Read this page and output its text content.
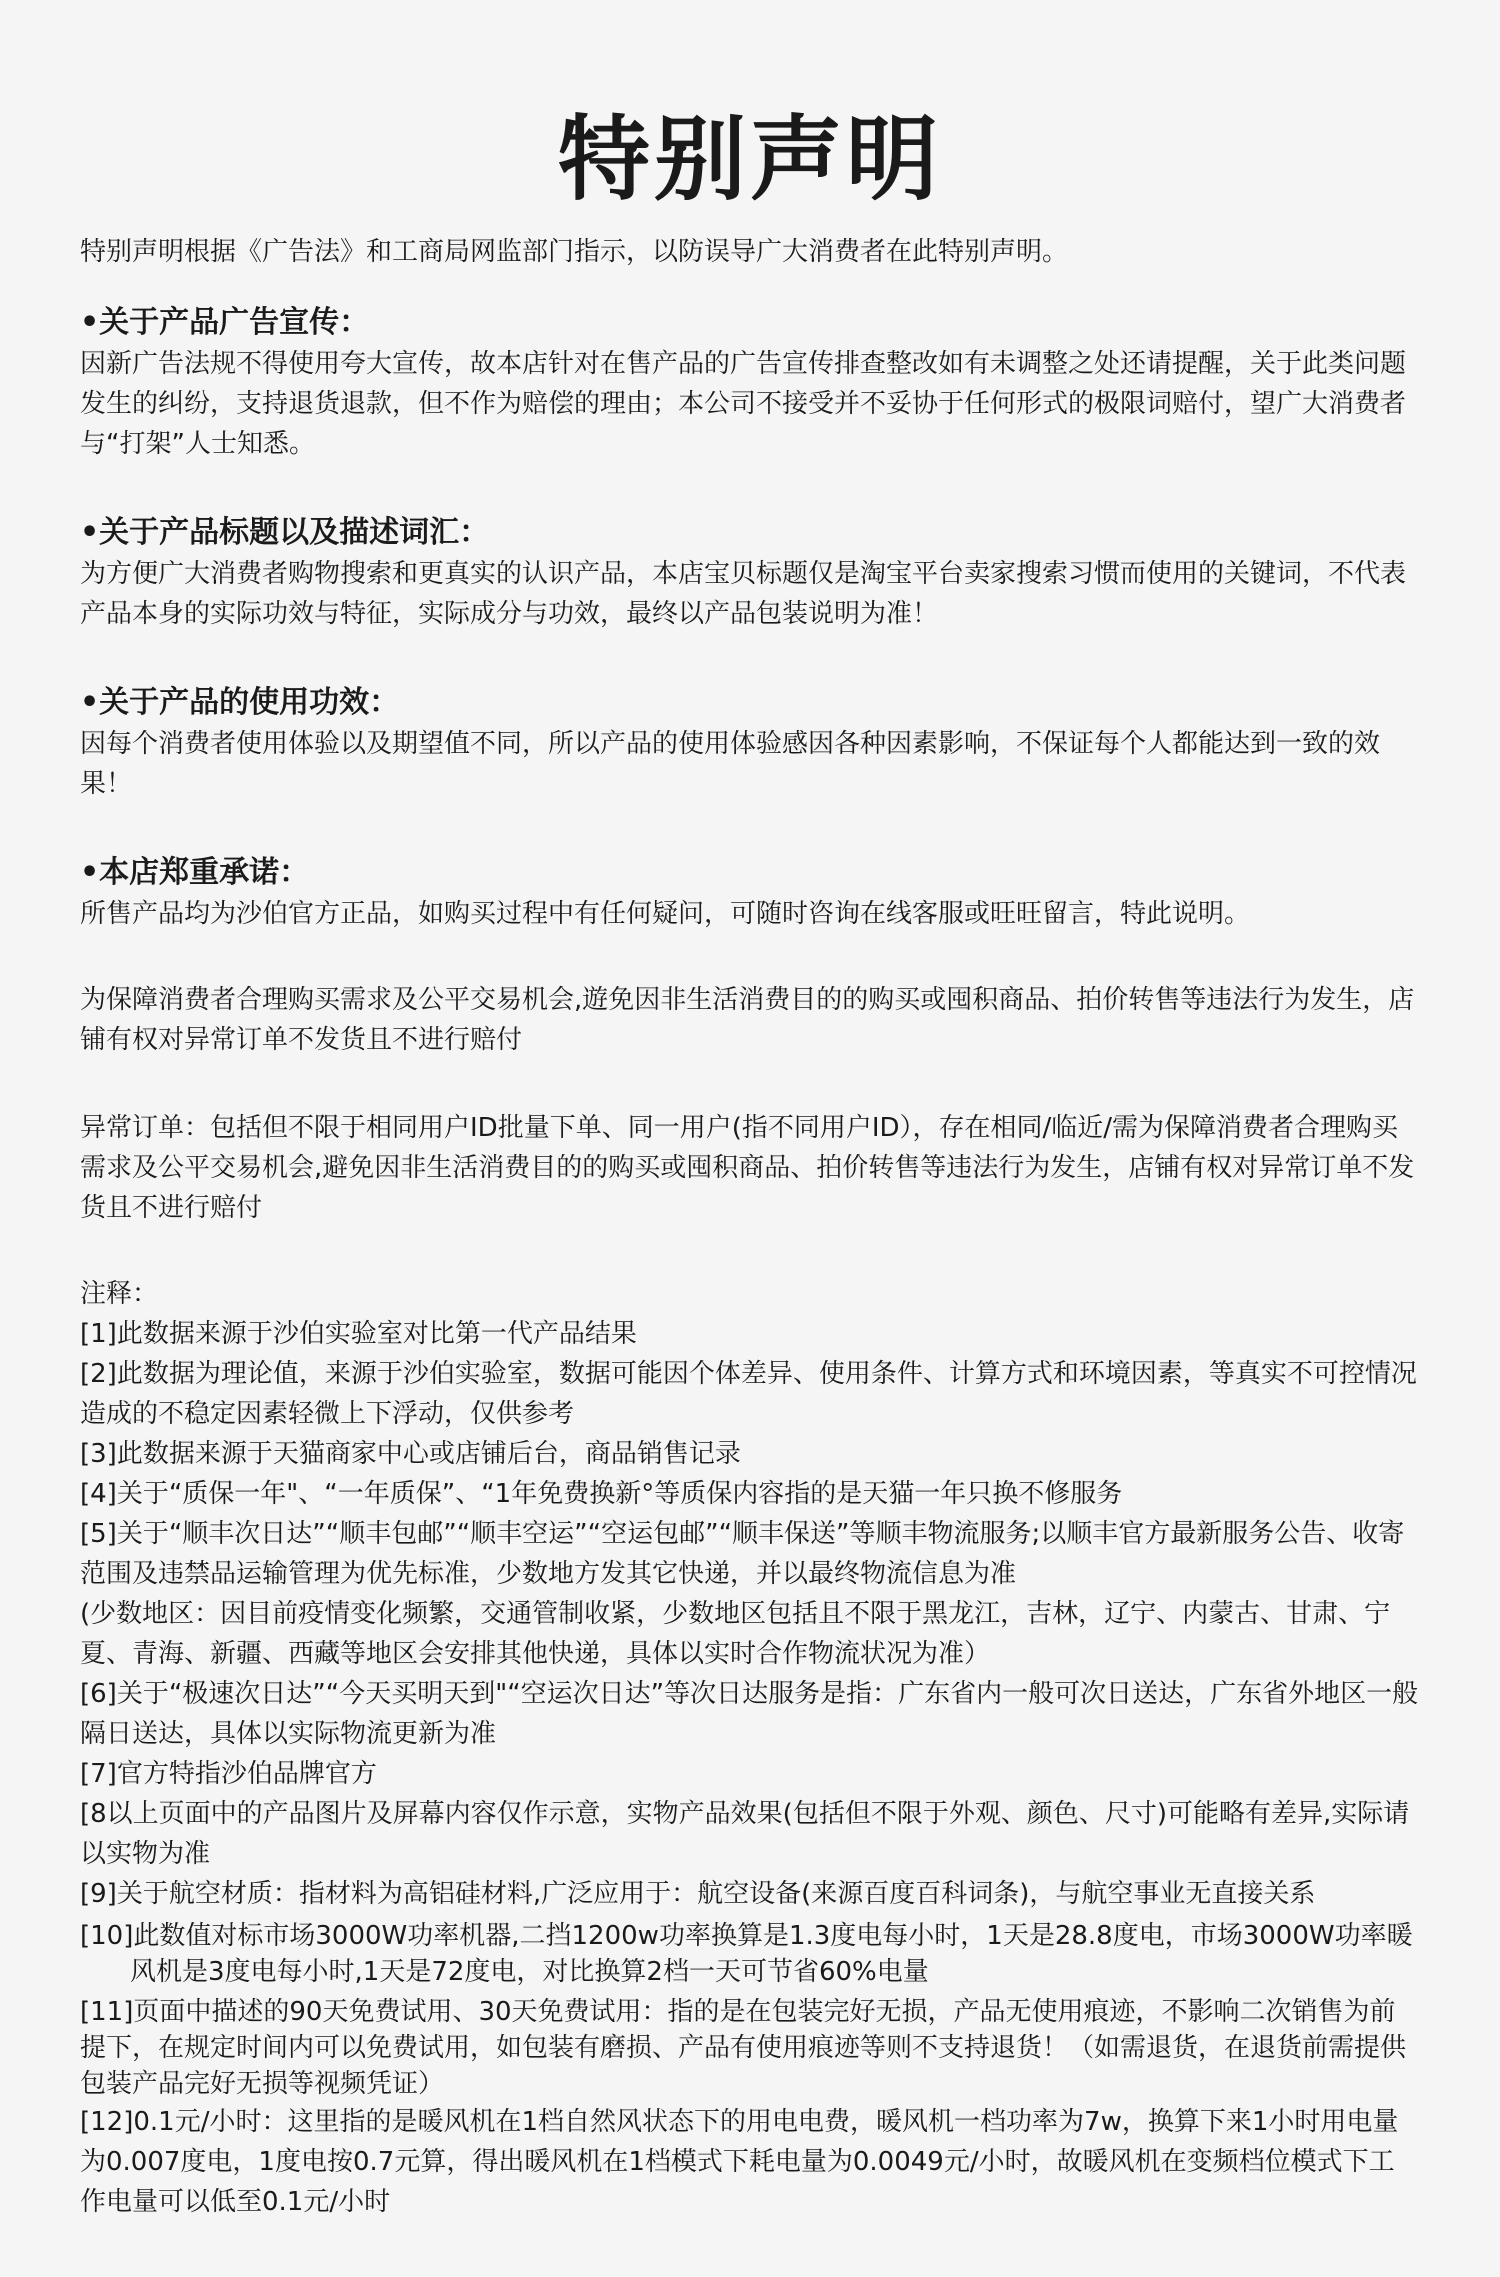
特别声明

特别声明根据《广告法》和工商局网监部门指示，以防误导广大消费者在此特别声明。

•关于产品广告宣传：

因新广告法规不得使用夸大宣传，故本店针对在售产品的广告宣传排查整改如有未调整之处还请提醒，关于此类问题发生的纠纷，支持退货退款，但不作为赔偿的理由；本公司不接受并不妥协于任何形式的极限词赔付，望广大消费者与“打架”人士知悉。

•关于产品标题以及描述词汇：

为方便广大消费者购物搜索和更真实的认识产品，本店宝贝标题仅是淘宝平台卖家搜索习惯而使用的关键词，不代表产品本身的实际功效与特征，实际成分与功效，最终以产品包装说明为准！

•关于产品的使用功效：

因每个消费者使用体验以及期望值不同，所以产品的使用体验感因各种因素影响，不保证每个人都能达到一致的效果！

•本店郑重承诺：

所售产品均为沙伯官方正品，如购买过程中有任何疑问，可随时咨询在线客服或旺旺留言，特此说明。

为保障消费者合理购买需求及公平交易机会,遊免因非生活消费目的的购买或囤积商品、拍价转售等违法行为发生，店铺有权对异常订单不发货且不进行赔付

异常订单：包括但不限于相同用户ID批量下单、同一用户(指不同用户ID），存在相同/临近/需为保障消费者合理购买需求及公平交易机会,避免因非生活消费目的的购买或囤积商品、拍价转售等违法行为发生，店铺有权对异常订单不发货且不进行赔付

注释：

[1]此数据来源于沙伯实验室对比第一代产品结果

[2]此数据为理论值，来源于沙伯实验室，数据可能因个体差异、使用条件、计算方式和环境因素，等真实不可控情况造成的不稳定因素轻微上下浮动，仅供参考

[3]此数据来源于天猫商家中心或店铺后台，商品销售记录

[4]关于“质保一年"、“一年质保”、“1年免费换新°等质保内容指的是天猫一年只换不修服务

[5]关于“顺丰次日达”“顺丰包邮”“顺丰空运”“空运包邮”“顺丰保送”等顺丰物流服务;以顺丰官方最新服务公告、收寄范围及违禁品运输管理为优先标准，少数地方发其它快递，并以最终物流信息为准

(少数地区：因目前疫情变化频繁，交通管制收紧，少数地区包括且不限于黑龙江，吉林，辽宁、内蒙古、甘肃、宁夏、青海、新疆、西藏等地区会安排其他快递，具体以实时合作物流状况为准）

[6]关于“极速次日达”“今天买明天到"“空运次日达”等次日达服务是指：广东省内一般可次日送达，广东省外地区一般隔日送达，具体以实际物流更新为准

[7]官方特指沙伯品牌官方

[8以上页面中的产品图片及屏幕内容仅作示意，实物产品效果(包括但不限于外观、颜色、尺寸)可能略有差异,实际请以实物为准

[9]关于航空材质：指材料为高铝硅材料,广泛应用于：航空设备(来源百度百科词条)，与航空事业无直接关系

[10]此数值对标市场3000W功率机器,二挡1200w功率换算是1.3度电每小时，1天是28.8度电，市场3000W功率暖风机是3度电每小时,1天是72度电，对比换算2档一天可节省60%电量

[11]页面中描述的90天免费试用、30天免费试用：指的是在包装完好无损，产品无使用痕迹，不影响二次销售为前提下，在规定时间内可以免费试用，如包装有磨损、产品有使用痕迹等则不支持退货！（如需退货，在退货前需提供包装产品完好无损等视频凭证）

[12]0.1元/小时：这里指的是暖风机在1档自然风状态下的用电电费，暖风机一档功率为7w，换算下来1小时用电量为0.007度电，1度电按0.7元算，得出暖风机在1档模式下耗电量为0.0049元/小时，故暖风机在变频档位模式下工作电量可以低至0.1元/小时
